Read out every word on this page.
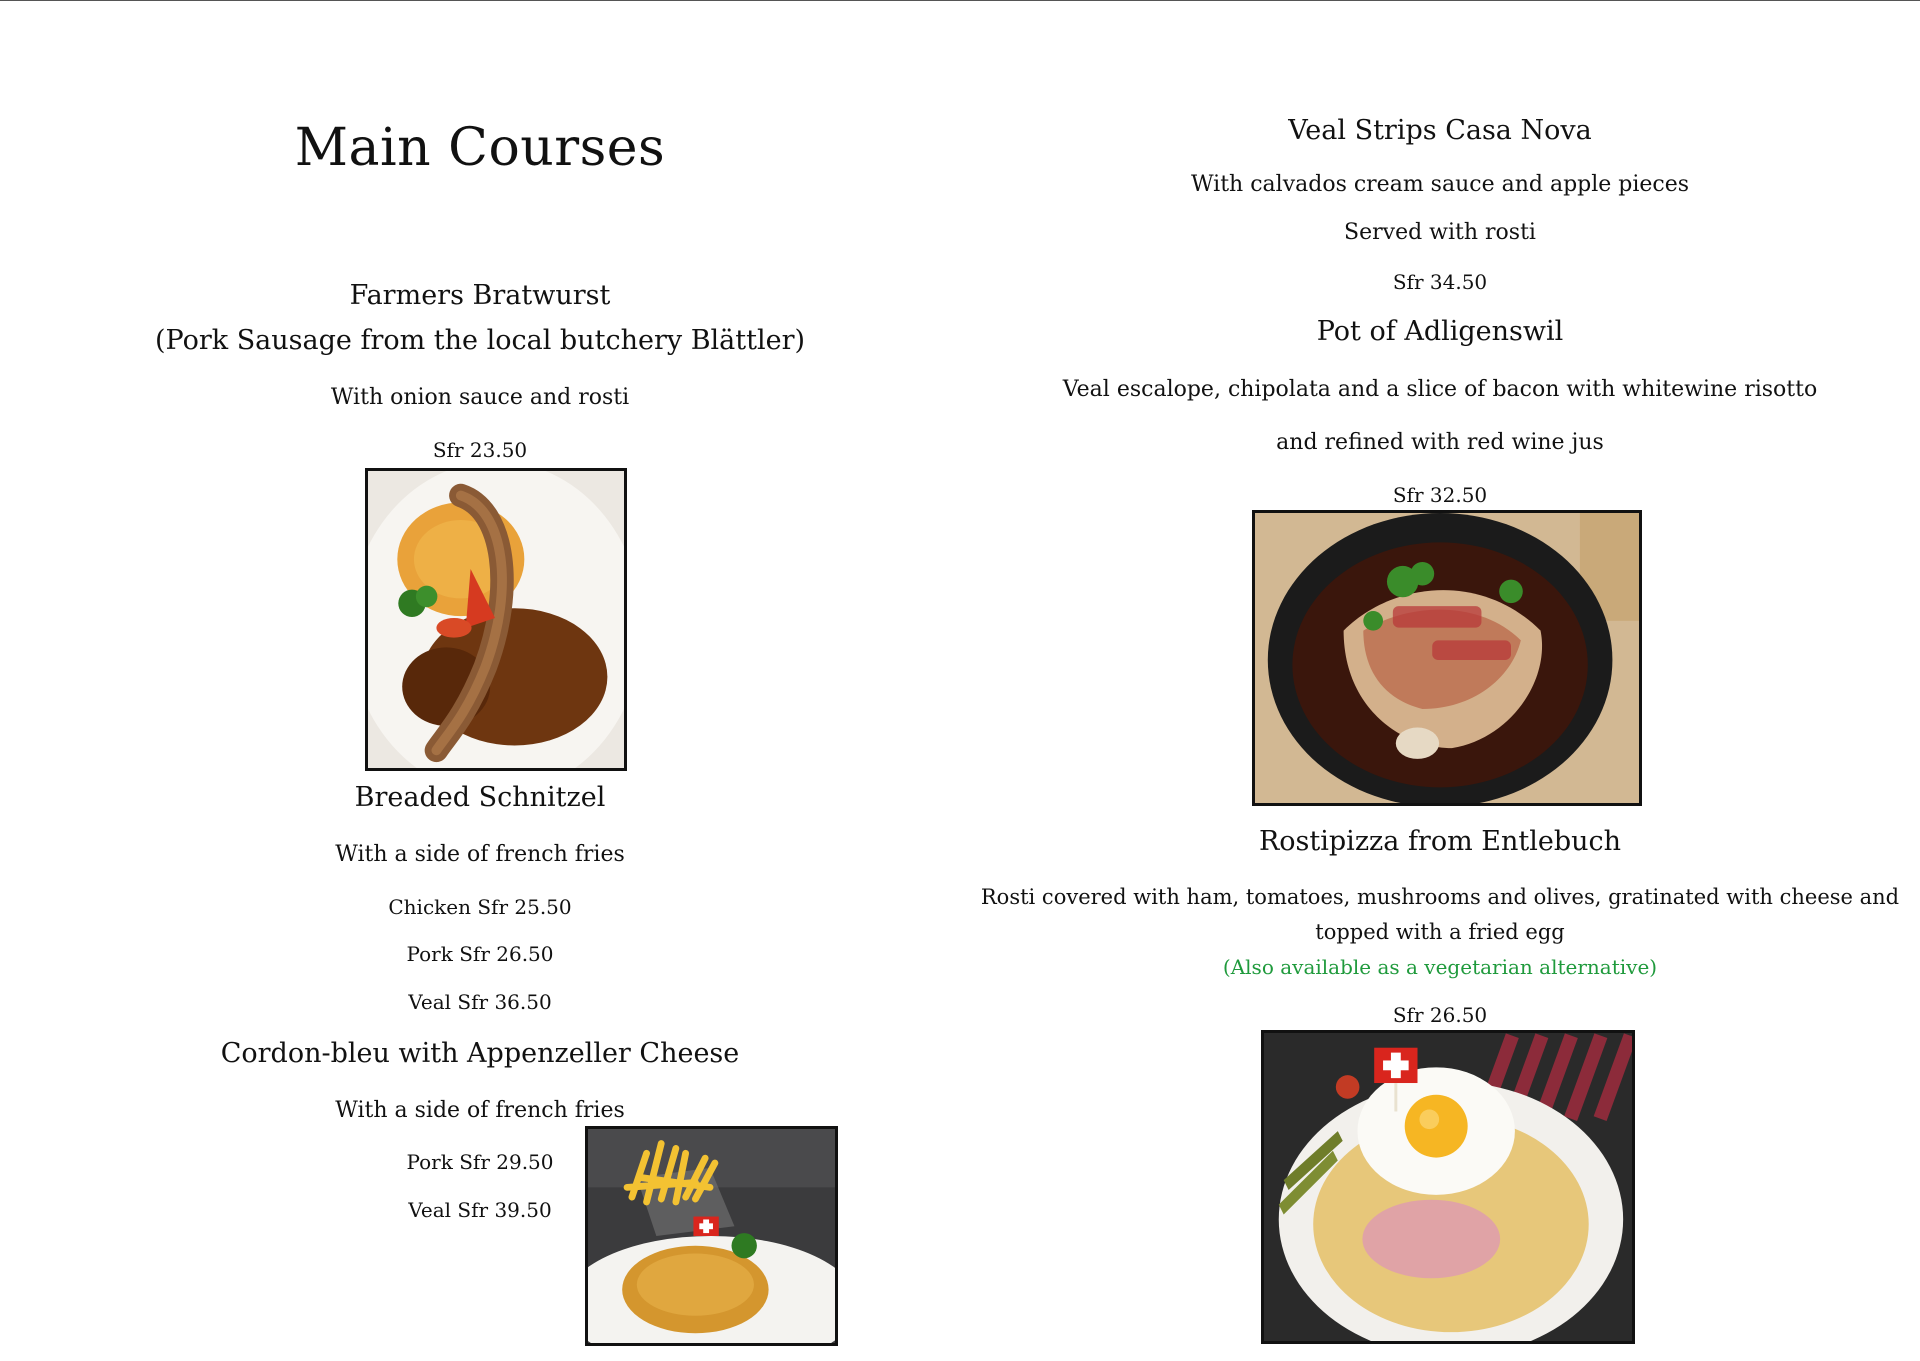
Main Courses
Farmers Bratwurst
(Pork Sausage from the local butchery Blättler)
With onion sauce and rosti
Sfr 23.50
Breaded Schnitzel
With a side of french fries
Chicken Sfr 25.50
Pork Sfr 26.50
Veal Sfr 36.50
Cordon-bleu with Appenzeller Cheese
With a side of french fries
Pork Sfr 29.50
Veal Sfr 39.50
Veal Strips Casa Nova
With calvados cream sauce and apple pieces
Served with rosti
Sfr 34.50
Pot of Adligenswil
Veal escalope, chipolata and a slice of bacon with whitewine risotto
and refined with red wine jus
Sfr 32.50
Rostipizza from Entlebuch
Rosti covered with ham, tomatoes, mushrooms and olives, gratinated with cheese and
topped with a fried egg
(Also available as a vegetarian alternative)
Sfr 26.50
